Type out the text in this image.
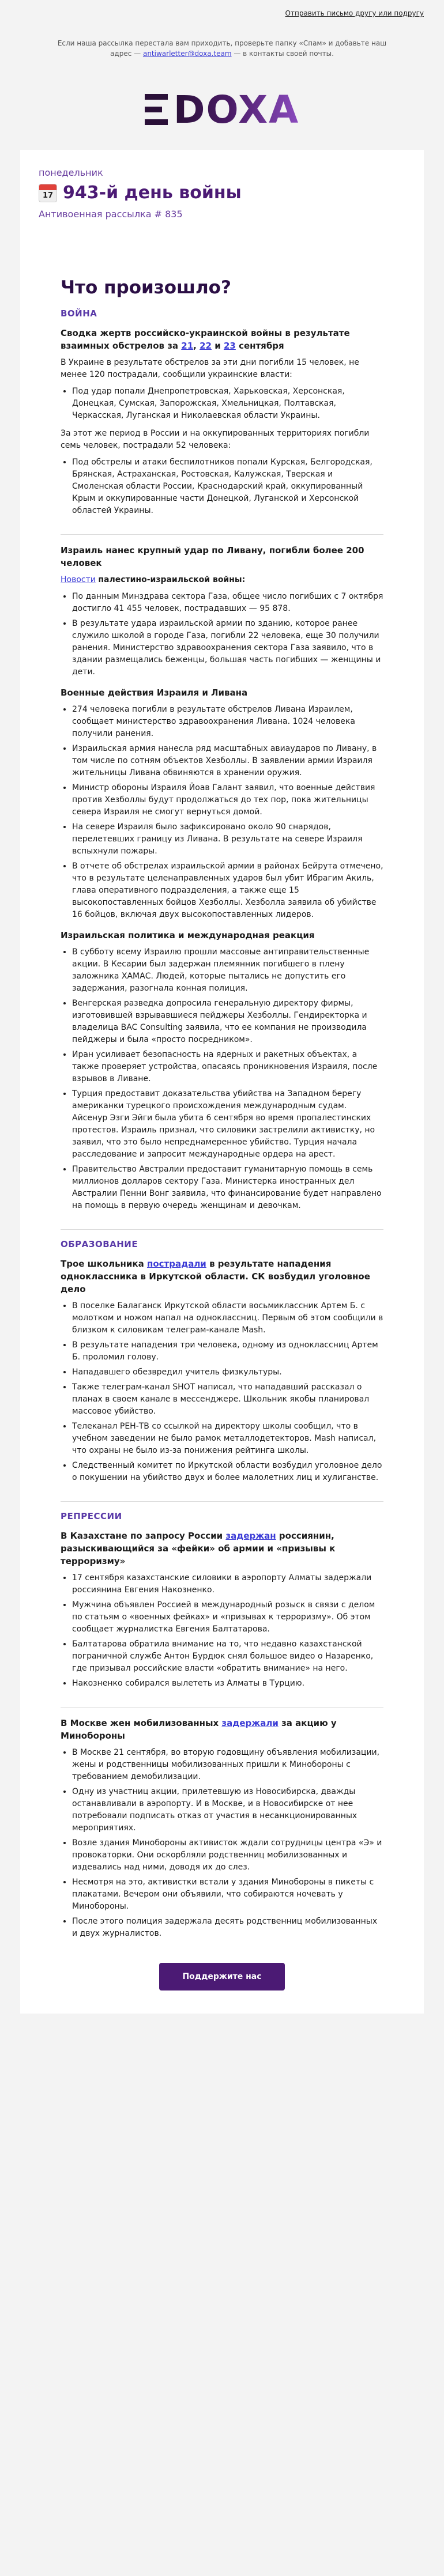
Отправить письмо другу или подругу
Если наша рассылка перестала вам приходить, проверьте папку «Спам» и добавьте наш адрес — antiwarletter@doxa.team — в контакты своей почты.
DOXA
понедельник
17 943-й день войны
Антивоенная рассылка # 835
Что произошло?
ВОЙНА
Сводка жертв российско-украинской войны в результате взаимных обстрелов за 21, 22 и 23 сентября

В Украине в результате обстрелов за эти дни погибли 15 человек, не менее 120 пострадали, сообщили украинские власти:

• Под удар попали Днепропетровская, Харьковская, Херсонская, Донецкая, Сумская, Запорожская, Хмельницкая, Полтавская, Черкасская, Луганская и Николаевская области Украины.

За этот же период в России и на оккупированных территориях погибли семь человек, пострадали 52 человека:

• Под обстрелы и атаки беспилотников попали Курская, Белгородская, Брянская, Астраханская, Ростовская, Калужская, Тверская и Смоленская области России, Краснодарский край, оккупированный Крым и оккупированные части Донецкой, Луганской и Херсонской областей Украины.
Израиль нанес крупный удар по Ливану, погибли более 200 человек

Новости палестино-израильской войны:

• По данным Минздрава сектора Газа, общее число погибших с 7 октября достигло 41 455 человек, пострадавших — 95 878.
• В результате удара израильской армии по зданию, которое ранее служило школой в городе Газа, погибли 22 человека, еще 30 получили ранения. Министерство здравоохранения сектора Газа заявило, что в здании размещались беженцы, большая часть погибших — женщины и дети.
Военные действия Израиля и Ливана
• 274 человека погибли в результате обстрелов Ливана Израилем, сообщает министерство здравоохранения Ливана. 1024 человека получили ранения.
• Израильская армия нанесла ряд масштабных авиаударов по Ливану, в том числе по сотням объектов Хезболлы. В заявлении армии Израиля жительницы Ливана обвиняются в хранении оружия.
• Министр обороны Израиля Йоав Галант заявил, что военные действия против Хезболлы будут продолжаться до тех пор, пока жительницы севера Израиля не смогут вернуться домой.
• На севере Израиля было зафиксировано около 90 снарядов, перелетевших границу из Ливана. В результате на севере Израиля вспыхнули пожары.
• В отчете об обстрелах израильской армии в районах Бейрута отмечено, что в результате целенаправленных ударов был убит Ибрагим Акиль, глава оперативного подразделения, а также еще 15 высокопоставленных бойцов Хезболлы. Хезболла заявила об убийстве 16 бойцов, включая двух высокопоставленных лидеров.
Израильская политика и международная реакция
• В субботу всему Израилю прошли массовые антиправительственные акции. В Кесарии был задержан племянник погибшего в плену заложника ХАМАС. Людей, которые пытались не допустить его задержания, разогнала конная полиция.
• Венгерская разведка допросила генеральную директору фирмы, изготовившей взрывавшиеся пейджеры Хезболлы. Гендиректорка и владелица BAC Consulting заявила, что ее компания не производила пейджеры и была «просто посредником».
• Иран усиливает безопасность на ядерных и ракетных объектах, а также проверяет устройства, опасаясь проникновения Израиля, после взрывов в Ливане.
• Турция предоставит доказательства убийства на Западном берегу американки турецкого происхождения международным судам. Айсенур Эзги Эйги была убита 6 сентября во время пропалестинских протестов. Израиль признал, что силовики застрелили активистку, но заявил, что это было непреднамеренное убийство. Турция начала расследование и запросит международные ордера на арест.
• Правительство Австралии предоставит гуманитарную помощь в семь миллионов долларов сектору Газа. Министерка иностранных дел Австралии Пенни Вонг заявила, что финансирование будет направлено на помощь в первую очередь женщинам и девочкам.
ОБРАЗОВАНИЕ
Трое школьника пострадали в результате нападения одноклассника в Иркутской области. СК возбудил уголовное дело
• В поселке Балаганск Иркутской области восьмиклассник Артем Б. с молотком и ножом напал на одноклассниц. Первым об этом сообщили в близком к силовикам телеграм-канале Mash.
• В результате нападения три человека, одному из одноклассниц Артем Б. проломил голову.
• Нападавшего обезвредил учитель физкультуры.
• Также телеграм-канал SHOT написал, что нападавший рассказал о планах в своем канале в мессенджере. Школьник якобы планировал массовое убийство.
• Телеканал РЕН-ТВ со ссылкой на директору школы сообщил, что в учебном заведении не было рамок металлодетекторов. Mash написал, что охраны не было из-за понижения рейтинга школы.
• Следственный комитет по Иркутской области возбудил уголовное дело о покушении на убийство двух и более малолетних лиц и хулиганстве.
РЕПРЕССИИ
В Казахстане по запросу России задержан россиянин, разыскивающийся за «фейки» об армии и «призывы к терроризму»
• 17 сентября казахстанские силовики в аэропорту Алматы задержали россиянина Евгения Накозненко.
• Мужчина объявлен Россией в международный розыск в связи с делом по статьям о «военных фейках» и «призывах к терроризму». Об этом сообщает журналистка Евгения Балтатарова.
• Балтатарова обратила внимание на то, что недавно казахстанской пограничной службе Антон Бурдюк снял большое видео о Назаренко, где призывал российские власти «обратить внимание» на него.
• Накозненко собирался вылететь из Алматы в Турцию.
В Москве жен мобилизованных задержали за акцию у Минобороны
• В Москве 21 сентября, во вторую годовщину объявления мобилизации, жены и родственницы мобилизованных пришли к Минобороны с требованием демобилизации.
• Одну из участниц акции, прилетевшую из Новосибирска, дважды останавливали в аэропорту. И в Москве, и в Новосибирске от нее потребовали подписать отказ от участия в несанкционированных мероприятиях.
• Возле здания Минобороны активисток ждали сотрудницы центра «Э» и провокаторки. Они оскорбляли родственниц мобилизованных и издевались над ними, доводя их до слез.
• Несмотря на это, активистки встали у здания Минобороны в пикеты с плакатами. Вечером они объявили, что собираются ночевать у Минобороны.
• После этого полиция задержала десять родственниц мобилизованных и двух журналистов.
Поддержите нас
